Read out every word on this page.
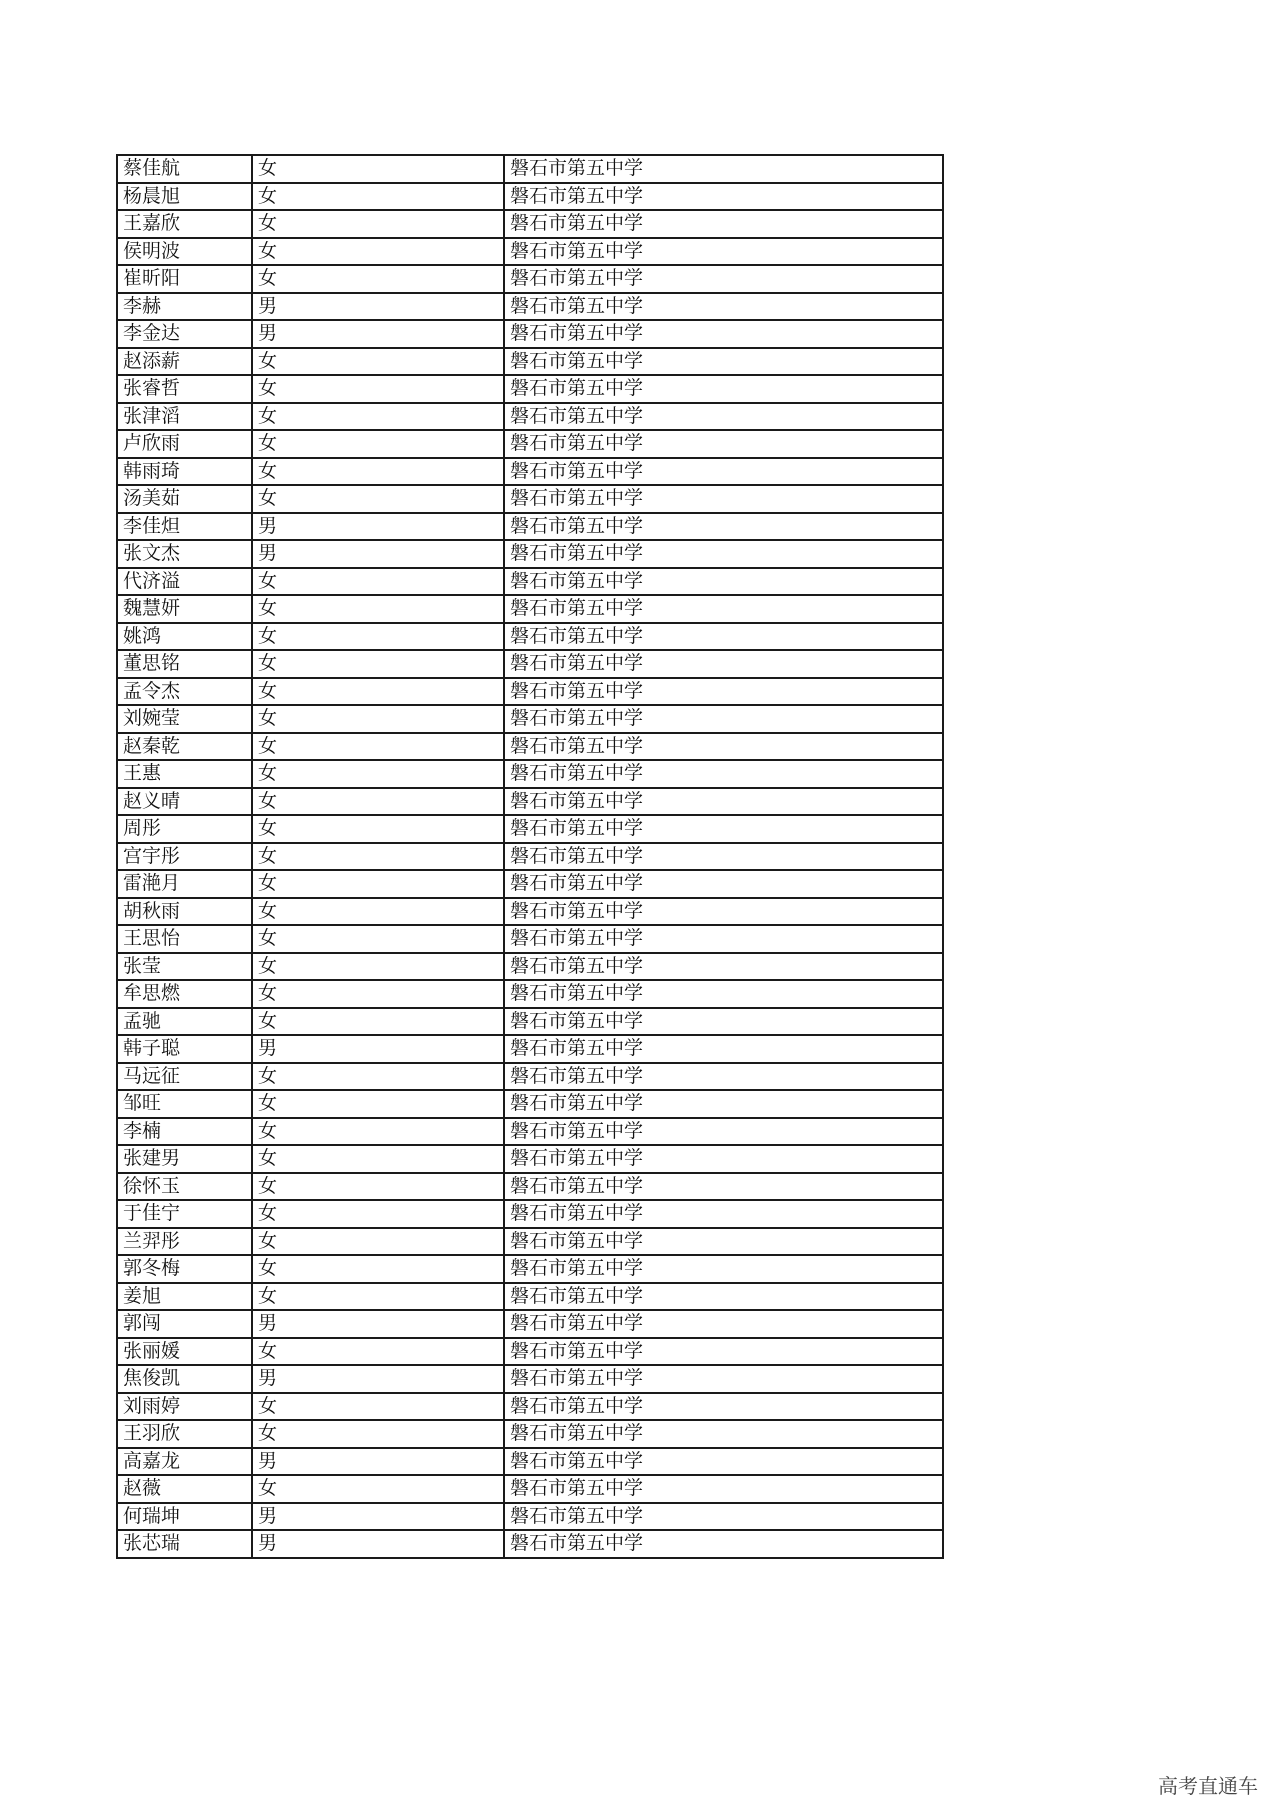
蔡佳航	女	磐石市第五中学
杨晨旭	女	磐石市第五中学
王嘉欣	女	磐石市第五中学
侯明波	女	磐石市第五中学
崔昕阳	女	磐石市第五中学
李赫	男	磐石市第五中学
李金达	男	磐石市第五中学
赵添薪	女	磐石市第五中学
张睿哲	女	磐石市第五中学
张津滔	女	磐石市第五中学
卢欣雨	女	磐石市第五中学
韩雨琦	女	磐石市第五中学
汤美茹	女	磐石市第五中学
李佳炟	男	磐石市第五中学
张文杰	男	磐石市第五中学
代济溢	女	磐石市第五中学
魏慧妍	女	磐石市第五中学
姚鸿	女	磐石市第五中学
董思铭	女	磐石市第五中学
孟令杰	女	磐石市第五中学
刘婉莹	女	磐石市第五中学
赵秦乾	女	磐石市第五中学
王惠	女	磐石市第五中学
赵义晴	女	磐石市第五中学
周彤	女	磐石市第五中学
宫宇彤	女	磐石市第五中学
雷滟月	女	磐石市第五中学
胡秋雨	女	磐石市第五中学
王思怡	女	磐石市第五中学
张莹	女	磐石市第五中学
牟思燃	女	磐石市第五中学
孟驰	女	磐石市第五中学
韩子聪	男	磐石市第五中学
马远征	女	磐石市第五中学
邹旺	女	磐石市第五中学
李楠	女	磐石市第五中学
张建男	女	磐石市第五中学
徐怀玉	女	磐石市第五中学
于佳宁	女	磐石市第五中学
兰羿彤	女	磐石市第五中学
郭冬梅	女	磐石市第五中学
姜旭	女	磐石市第五中学
郭闯	男	磐石市第五中学
张丽媛	女	磐石市第五中学
焦俊凯	男	磐石市第五中学
刘雨婷	女	磐石市第五中学
王羽欣	女	磐石市第五中学
高嘉龙	男	磐石市第五中学
赵薇	女	磐石市第五中学
何瑞坤	男	磐石市第五中学
张芯瑞	男	磐石市第五中学
高考直通车
